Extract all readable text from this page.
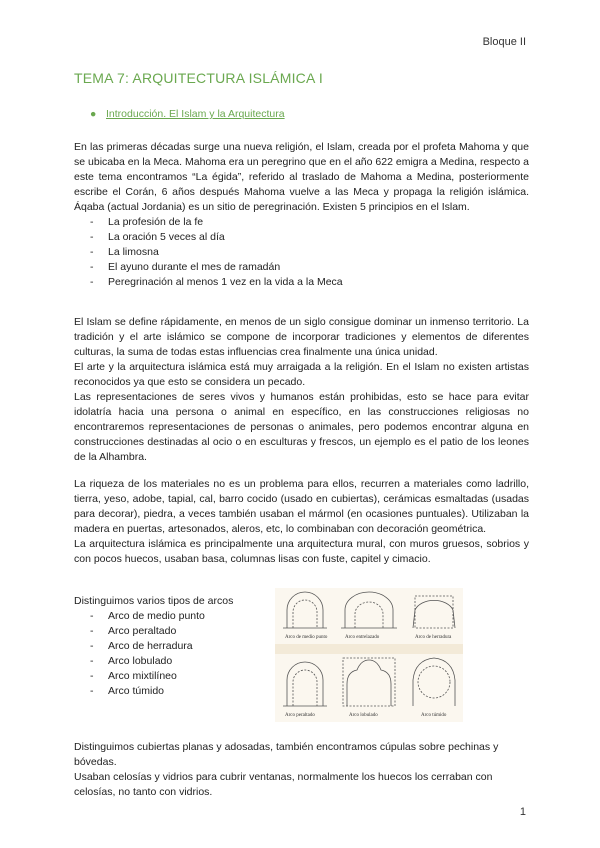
Bloque II
TEMA 7: ARQUITECTURA ISLÁMICA I
● Introducción. El Islam y la Arquitectura

En las primeras décadas surge una nueva religión, el Islam, creada por el profeta Mahoma y que se ubicaba en la Meca. Mahoma era un peregrino que en el año 622 emigra a Medina, respecto a este tema encontramos “La égida”, referido al traslado de Mahoma a Medina, posteriormente escribe el Corán, 6 años después Mahoma vuelve a las Meca y propaga la religión islámica. Áqaba (actual Jordania) es un sitio de peregrinación. Existen 5 principios en el Islam.

- La profesión de la fe
- La oración 5 veces al día
- La limosna
- El ayuno durante el mes de ramadán
- Peregrinación al menos 1 vez en la vida a la Meca

El Islam se define rápidamente, en menos de un siglo consigue dominar un inmenso territorio. La tradición y el arte islámico se compone de incorporar tradiciones y elementos de diferentes culturas, la suma de todas estas influencias crea finalmente una única unidad.

El arte y la arquitectura islámica está muy arraigada a la religión. En el Islam no existen artistas reconocidos ya que esto se considera un pecado.

Las representaciones de seres vivos y humanos están prohibidas, esto se hace para evitar idolatría hacia una persona o animal en específico, en las construcciones religiosas no encontraremos representaciones de personas o animales, pero podemos encontrar alguna en construcciones destinadas al ocio o en esculturas y frescos, un ejemplo es el patio de los leones de la Alhambra.

La riqueza de los materiales no es un problema para ellos, recurren a materiales como ladrillo, tierra, yeso, adobe, tapial, cal, barro cocido (usado en cubiertas), cerámicas esmaltadas (usadas para decorar), piedra, a veces también usaban el mármol (en ocasiones puntuales). Utilizaban la madera en puertas, artesonados, aleros, etc, lo combinaban con decoración geométrica.

La arquitectura islámica es principalmente una arquitectura mural, con muros gruesos, sobrios y con pocos huecos, usaban basa, columnas lisas con fuste, capitel y cimacio.

Distinguimos varios tipos de arcos

- Arco de medio punto
- Arco peraltado
- Arco de herradura
- Arco lobulado
- Arco mixtilíneo
- Arco túmido
Arco de medio punto	Arco entrelazado	Arco de herradura
Arco peraltado	Arco lobulado	Arco túmido

Distinguimos cubiertas planas y adosadas, también encontramos cúpulas sobre pechinas y bóvedas.

Usaban celosías y vidrios para cubrir ventanas, normalmente los huecos los cerraban con celosías, no tanto con vidrios.

1
